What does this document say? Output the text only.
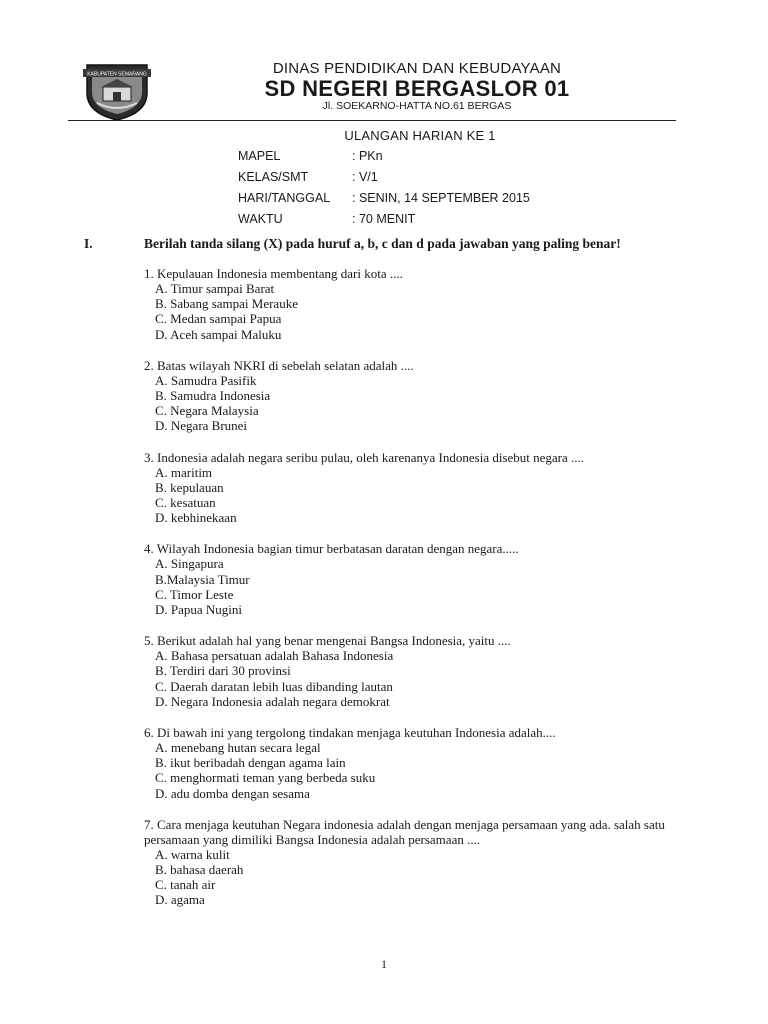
KABUPATEN SEMARANG	DINAS PENDIDIKAN DAN KEBUDAYAAN
SD NEGERI BERGASLOR 01
Jl. SOEKARNO-HATTA NO.61 BERGAS
ULANGAN HARIAN KE 1
MAPEL	: PKn
KELAS/SMT	: V/1
HARI/TANGGAL : SENIN, 14 SEPTEMBER 2015
WAKTU	: 70 MENIT
I.	Berilah tanda silang (X) pada huruf a, b, c dan d pada jawaban yang paling benar!
1. Kepulauan Indonesia membentang dari kota ....
A. Timur sampai Barat
B. Sabang sampai Merauke
C. Medan sampai Papua
D. Aceh sampai Maluku
2. Batas wilayah NKRI di sebelah selatan adalah ....
A. Samudra Pasifik
B. Samudra Indonesia
C. Negara Malaysia
D. Negara Brunei
3. Indonesia adalah negara seribu pulau, oleh karenanya Indonesia disebut negara ....
A. maritim
B. kepulauan
C. kesatuan
D. kebhinekaan
4. Wilayah Indonesia bagian timur berbatasan daratan dengan negara.....
A. Singapura
B.Malaysia Timur
C. Timor Leste
D. Papua Nugini
5. Berikut adalah hal yang benar mengenai Bangsa Indonesia, yaitu ....
A. Bahasa persatuan adalah Bahasa Indonesia
B. Terdiri dari 30 provinsi
C. Daerah daratan lebih luas dibanding lautan
D. Negara Indonesia adalah negara demokrat
6. Di bawah ini yang tergolong tindakan menjaga keutuhan Indonesia adalah....
A. menebang hutan secara legal
B. ikut beribadah dengan agama lain
C. menghormati teman yang berbeda suku
D. adu domba dengan sesama
7. Cara menjaga keutuhan Negara indonesia adalah dengan menjaga persamaan yang ada. salah satu persamaan yang dimiliki Bangsa Indonesia adalah persamaan ....
A. warna kulit
B. bahasa daerah
C. tanah air
D. agama
1
